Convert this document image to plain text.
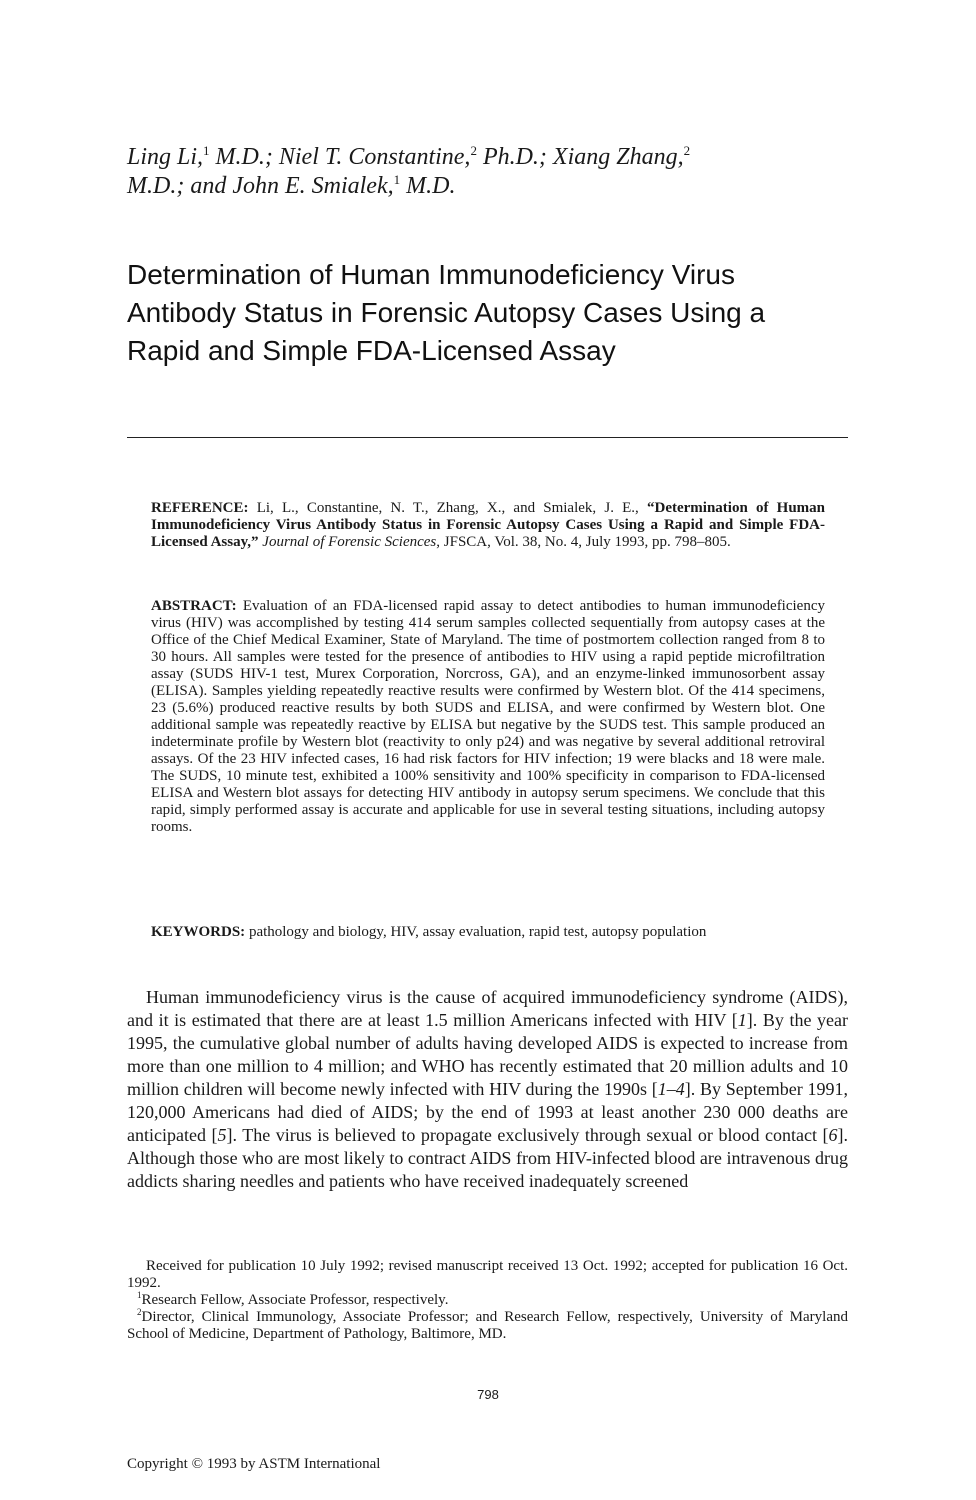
Ling Li,$^1$ M.D.; Niel T. Constantine,$^2$ Ph.D.; Xiang Zhang,$^2$
M.D.; and John E. Smialek,$^1$ M.D.
Determination of Human Immunodeficiency Virus
Antibody Status in Forensic Autopsy Cases Using a
Rapid and Simple FDA-Licensed Assay

REFERENCE: Li, L., Constantine, N. T., Zhang, X., and Smialek, J. E., “Determination of Human Immunodeficiency Virus Antibody Status in Forensic Autopsy Cases Using a Rapid and Simple FDA-Licensed Assay,” Journal of Forensic Sciences, JFSCA, Vol. 38, No. 4, July 1993, pp. 798–805.

ABSTRACT: Evaluation of an FDA-licensed rapid assay to detect antibodies to human immunodeficiency virus (HIV) was accomplished by testing 414 serum samples collected sequentially from autopsy cases at the Office of the Chief Medical Examiner, State of Maryland. The time of postmortem collection ranged from 8 to 30 hours. All samples were tested for the presence of antibodies to HIV using a rapid peptide microfiltration assay (SUDS HIV-1 test, Murex Corporation, Norcross, GA), and an enzyme-linked immunosorbent assay (ELISA). Samples yielding repeatedly reactive results were confirmed by Western blot. Of the 414 specimens, 23 (5.6%) produced reactive results by both SUDS and ELISA, and were confirmed by Western blot. One additional sample was repeatedly reactive by ELISA but negative by the SUDS test. This sample produced an indeterminate profile by Western blot (reactivity to only p24) and was negative by several additional retroviral assays. Of the 23 HIV infected cases, 16 had risk factors for HIV infection; 19 were blacks and 18 were male. The SUDS, 10 minute test, exhibited a 100% sensitivity and 100% specificity in comparison to FDA-licensed ELISA and Western blot assays for detecting HIV antibody in autopsy serum specimens. We conclude that this rapid, simply performed assay is accurate and applicable for use in several testing situations, including autopsy rooms.

KEYWORDS: pathology and biology, HIV, assay evaluation, rapid test, autopsy population

Human immunodeficiency virus is the cause of acquired immunodeficiency syndrome (AIDS), and it is estimated that there are at least 1.5 million Americans infected with HIV [1]. By the year 1995, the cumulative global number of adults having developed AIDS is expected to increase from more than one million to 4 million; and WHO has recently estimated that 20 million adults and 10 million children will become newly infected with HIV during the 1990s [1–4]. By September 1991, 120,000 Americans had died of AIDS; by the end of 1993 at least another 230 000 deaths are anticipated [5]. The virus is believed to propagate exclusively through sexual or blood contact [6]. Although those who are most likely to contract AIDS from HIV-infected blood are intravenous drug addicts sharing needles and patients who have received inadequately screened

Received for publication 10 July 1992; revised manuscript received 13 Oct. 1992; accepted for publication 16 Oct. 1992.

$^1$Research Fellow, Associate Professor, respectively.

$^2$Director, Clinical Immunology, Associate Professor; and Research Fellow, respectively, University of Maryland School of Medicine, Department of Pathology, Baltimore, MD.

798
Copyright © 1993 by ASTM International
